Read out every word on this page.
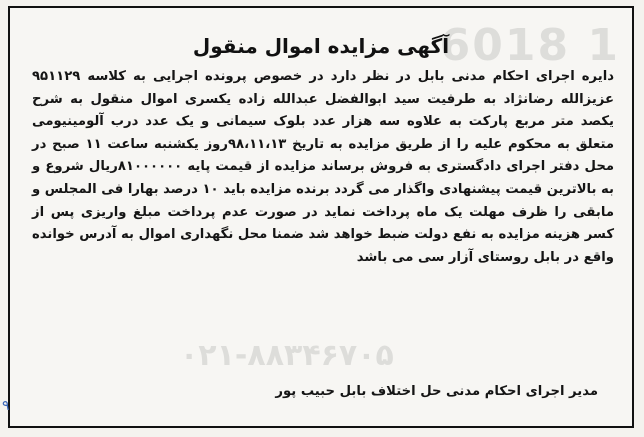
6018 1
۰۲۱-۸۸۳۴۶۷۰۵
آگهی مزایده اموال منقول
دایره اجرای احکام مدنی بابل در نظر دارد در خصوص پرونده اجرایی به کلاسه ۹۵۱۱۲۹ عزیزالله رضانژاد به طرفیت سید ابوالفضل عبدالله زاده یکسری اموال منقول به شرح یکصد متر مربع پارکت به علاوه سه هزار عدد بلوک سیمانی و یک عدد درب آلومینیومی متعلق به محکوم علیه را از طریق مزایده به تاریخ ۹۸،۱۱،۱۳روز یکشنبه ساعت ۱۱ صبح در محل دفتر اجرای دادگستری به فروش برساند مزایده از قیمت پایه ۸۱۰۰۰۰۰۰ریال شروع و به بالاترین قیمت پیشنهادی واگذار می گردد برنده مزایده باید ۱۰ درصد بهارا فی المجلس و مابقی را ظرف مهلت یک ماه پرداخت نماید در صورت عدم پرداخت مبلغ واریزی پس از کسر هزینه مزایده به نفع دولت ضبط خواهد شد ضمنا محل نگهداری اموال به آدرس خوانده واقع در بابل روستای آزار سی می باشد
مدیر اجرای احکام مدنی حل اختلاف بابل حبیب پور
۹
